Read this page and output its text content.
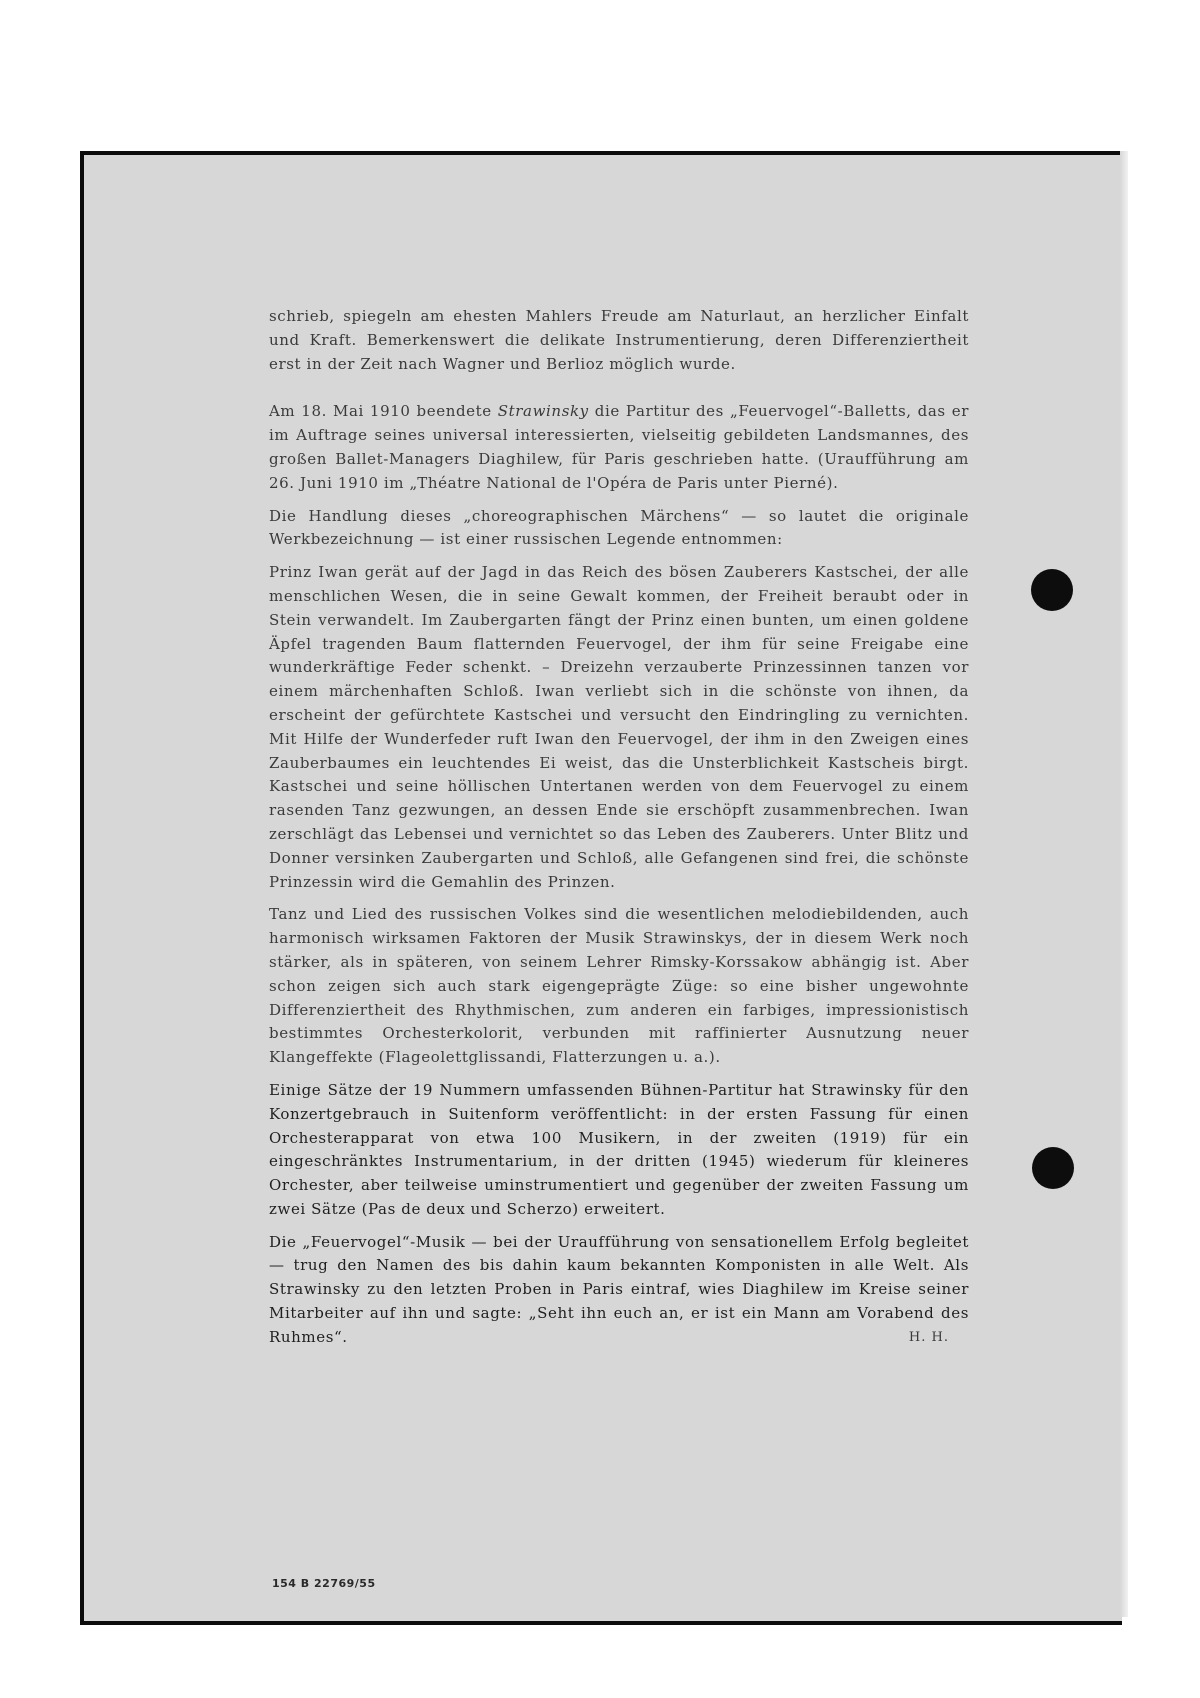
schrieb, spiegeln am ehesten Mahlers Freude am Naturlaut, an herzlicher Einfalt und Kraft. Bemerkenswert die delikate Instrumentierung, deren Differenziertheit erst in der Zeit nach Wagner und Berlioz möglich wurde.

Am 18. Mai 1910 beendete Strawinsky die Partitur des „Feuervogel“-Balletts, das er im Auftrage seines universal interessierten, vielseitig gebildeten Landsmannes, des großen Ballet-Managers Diaghilew, für Paris geschrieben hatte. (Uraufführung am 26. Juni 1910 im „Théatre National de l'Opéra de Paris unter Pierné).

Die Handlung dieses „choreographischen Märchens“ — so lautet die originale Werkbezeichnung — ist einer russischen Legende entnommen:

Prinz Iwan gerät auf der Jagd in das Reich des bösen Zauberers Kastschei, der alle menschlichen Wesen, die in seine Gewalt kommen, der Freiheit beraubt oder in Stein verwandelt. Im Zaubergarten fängt der Prinz einen bunten, um einen goldene Äpfel tragenden Baum flatternden Feuervogel, der ihm für seine Freigabe eine wunderkräftige Feder schenkt. – Dreizehn verzauberte Prinzessinnen tanzen vor einem märchenhaften Schloß. Iwan verliebt sich in die schönste von ihnen, da erscheint der gefürchtete Kastschei und versucht den Eindringling zu vernichten. Mit Hilfe der Wunderfeder ruft Iwan den Feuervogel, der ihm in den Zweigen eines Zauberbaumes ein leuchtendes Ei weist, das die Unsterblichkeit Kastscheis birgt. Kastschei und seine höllischen Untertanen werden von dem Feuervogel zu einem rasenden Tanz gezwungen, an dessen Ende sie erschöpft zusammenbrechen. Iwan zerschlägt das Lebensei und vernichtet so das Leben des Zauberers. Unter Blitz und Donner versinken Zaubergarten und Schloß, alle Gefangenen sind frei, die schönste Prinzessin wird die Gemahlin des Prinzen.

Tanz und Lied des russischen Volkes sind die wesentlichen melodiebildenden, auch harmonisch wirksamen Faktoren der Musik Strawinskys, der in diesem Werk noch stärker, als in späteren, von seinem Lehrer Rimsky-Korssakow abhängig ist. Aber schon zeigen sich auch stark eigengeprägte Züge: so eine bisher ungewohnte Differenziertheit des Rhythmischen, zum anderen ein farbiges, impressionistisch bestimmtes Orchesterkolorit, verbunden mit raffinierter Ausnutzung neuer Klangeffekte (Flageolettglissandi, Flatterzungen u. a.).

Einige Sätze der 19 Nummern umfassenden Bühnen-Partitur hat Strawinsky für den Konzertgebrauch in Suitenform veröffentlicht: in der ersten Fassung für einen Orchesterapparat von etwa 100 Musikern, in der zweiten (1919) für ein eingeschränktes Instrumentarium, in der dritten (1945) wiederum für kleineres Orchester, aber teilweise uminstrumentiert und gegenüber der zweiten Fassung um zwei Sätze (Pas de deux und Scherzo) erweitert.

Die „Feuervogel“-Musik — bei der Uraufführung von sensationellem Erfolg begleitet — trug den Namen des bis dahin kaum bekannten Komponisten in alle Welt. Als Strawinsky zu den letzten Proben in Paris eintraf, wies Diaghilew im Kreise seiner Mitarbeiter auf ihn und sagte: „Seht ihn euch an, er ist ein Mann am Vorabend des Ruhmes“.	H. H.

154 B 22769/55
